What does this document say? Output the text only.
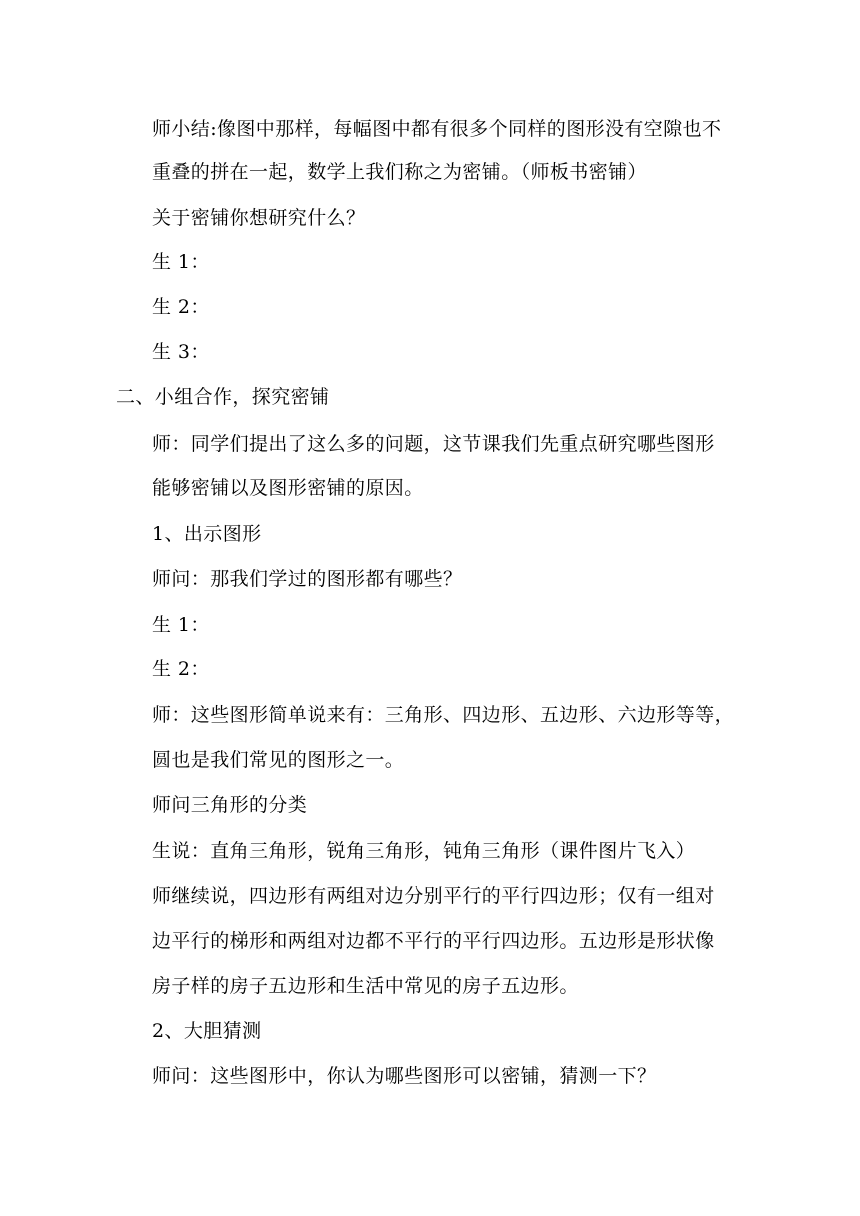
师小结:像图中那样，每幅图中都有很多个同样的图形没有空隙也不
重叠的拼在一起，数学上我们称之为密铺。（师板书密铺）
关于密铺你想研究什么？
生 1：
生 2：
生 3：
二、小组合作，探究密铺
师：同学们提出了这么多的问题，这节课我们先重点研究哪些图形
能够密铺以及图形密铺的原因。
1、出示图形
师问：那我们学过的图形都有哪些？
生 1：
生 2：
师：这些图形简单说来有：三角形、四边形、五边形、六边形等等，
圆也是我们常见的图形之一。
师问三角形的分类
生说：直角三角形，锐角三角形，钝角三角形（课件图片飞入）
师继续说，四边形有两组对边分别平行的平行四边形；仅有一组对
边平行的梯形和两组对边都不平行的平行四边形。五边形是形状像
房子样的房子五边形和生活中常见的房子五边形。
2、大胆猜测
师问：这些图形中，你认为哪些图形可以密铺，猜测一下？
